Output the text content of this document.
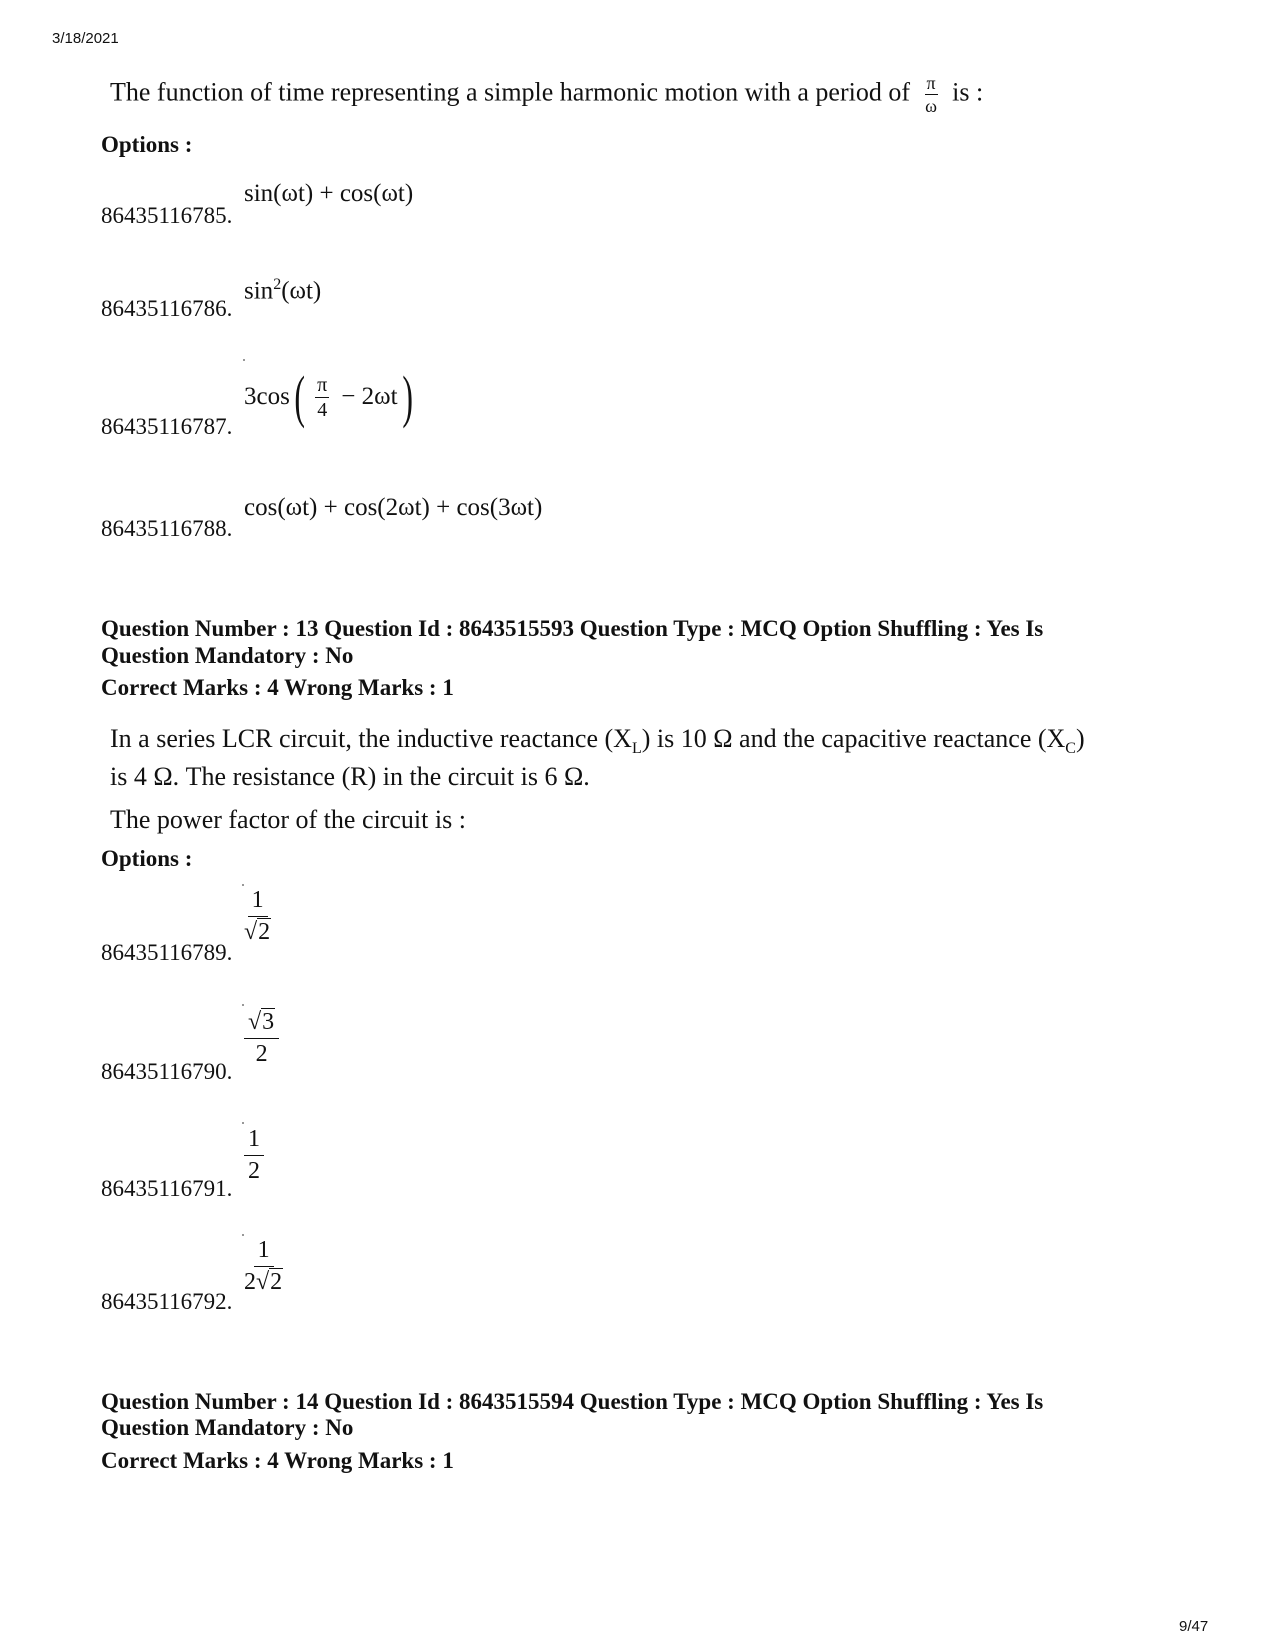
3/18/2021
The function of time representing a simple harmonic motion with a period of $\frac{\pi}{\omega}$ is :
Options :
86435116785.
sin(ωt) + cos(ωt)
86435116786.
$\sin^2(\omega t)$
86435116787.
3cos ( $\frac{\pi}{4} - 2\omega t$ )
86435116788.
cos(ωt) + cos(2ωt) + cos(3ωt)
Question Number : 13 Question Id : 8643515593 Question Type : MCQ Option Shuffling : Yes Is
Question Mandatory : No
Correct Marks : 4 Wrong Marks : 1
In a series LCR circuit, the inductive reactance $(X_L)$ is 10 Ω and the capacitive reactance $(X_C)$
is 4 Ω. The resistance (R) in the circuit is 6 Ω.
The power factor of the circuit is :
Options :
86435116789.
$\frac{1}{√2}$
86435116790.
$\frac{√3}{2}$
86435116791.
$\frac{1}{2}$
86435116792.
$\frac{1}{2√2}$
Question Number : 14 Question Id : 8643515594 Question Type : MCQ Option Shuffling : Yes Is
Question Mandatory : No
Correct Marks : 4 Wrong Marks : 1
9/47
